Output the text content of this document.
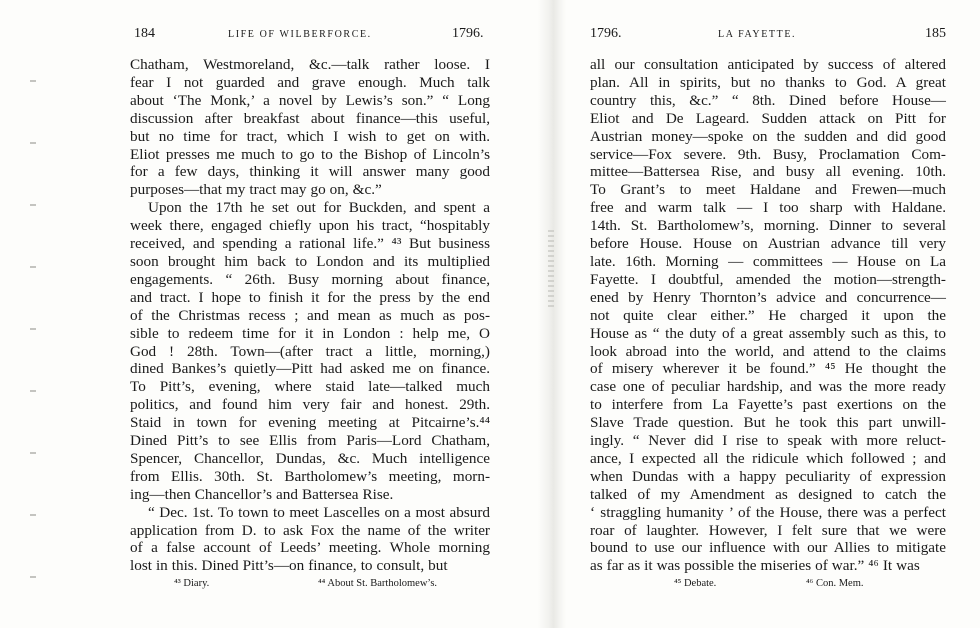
184	LIFE OF WILBERFORCE.	1796.
Chatham, Westmoreland, &c.—talk rather loose. I
fear I not guarded and grave enough. Much talk
about ‘The Monk,’ a novel by Lewis’s son.” “ Long
discussion after breakfast about finance—this useful,
but no time for tract, which I wish to get on with.
Eliot presses me much to go to the Bishop of Lincoln’s
for a few days, thinking it will answer many good
purposes—that my tract may go on, &c.”
Upon the 17th he set out for Buckden, and spent a
week there, engaged chiefly upon his tract, “hospitably
received, and spending a rational life.” ⁴³ But business
soon brought him back to London and its multiplied
engagements. “ 26th. Busy morning about finance,
and tract. I hope to finish it for the press by the end
of the Christmas recess ; and mean as much as pos-
sible to redeem time for it in London : help me, O
God ! 28th. Town—(after tract a little, morning,)
dined Bankes’s quietly—Pitt had asked me on finance.
To Pitt’s, evening, where staid late—talked much
politics, and found him very fair and honest. 29th.
Staid in town for evening meeting at Pitcairne’s.⁴⁴
Dined Pitt’s to see Ellis from Paris—Lord Chatham,
Spencer, Chancellor, Dundas, &c. Much intelligence
from Ellis. 30th. St. Bartholomew’s meeting, morn-
ing—then Chancellor’s and Battersea Rise.
“ Dec. 1st. To town to meet Lascelles on a most absurd
application from D. to ask Fox the name of the writer
of a false account of Leeds’ meeting. Whole morning
lost in this. Dined Pitt’s—on finance, to consult, but
⁴³ Diary.	⁴⁴ About St. Bartholomew’s.
1796.	LA FAYETTE.	185
all our consultation anticipated by success of altered
plan. All in spirits, but no thanks to God. A great
country this, &c.” “ 8th. Dined before House—
Eliot and De Lageard. Sudden attack on Pitt for
Austrian money—spoke on the sudden and did good
service—Fox severe. 9th. Busy, Proclamation Com-
mittee—Battersea Rise, and busy all evening. 10th.
To Grant’s to meet Haldane and Frewen—much
free and warm talk — I too sharp with Haldane.
14th. St. Bartholomew’s, morning. Dinner to several
before House. House on Austrian advance till very
late. 16th. Morning — committees — House on La
Fayette. I doubtful, amended the motion—strength-
ened by Henry Thornton’s advice and concurrence—
not quite clear either.” He charged it upon the
House as “ the duty of a great assembly such as this, to
look abroad into the world, and attend to the claims
of misery wherever it be found.” ⁴⁵ He thought the
case one of peculiar hardship, and was the more ready
to interfere from La Fayette’s past exertions on the
Slave Trade question. But he took this part unwill-
ingly. “ Never did I rise to speak with more reluct-
ance, I expected all the ridicule which followed ; and
when Dundas with a happy peculiarity of expression
talked of my Amendment as designed to catch the
‘ straggling humanity ’ of the House, there was a perfect
roar of laughter. However, I felt sure that we were
bound to use our influence with our Allies to mitigate
as far as it was possible the miseries of war.” ⁴⁶ It was
⁴⁵ Debate.	⁴⁶ Con. Mem.
